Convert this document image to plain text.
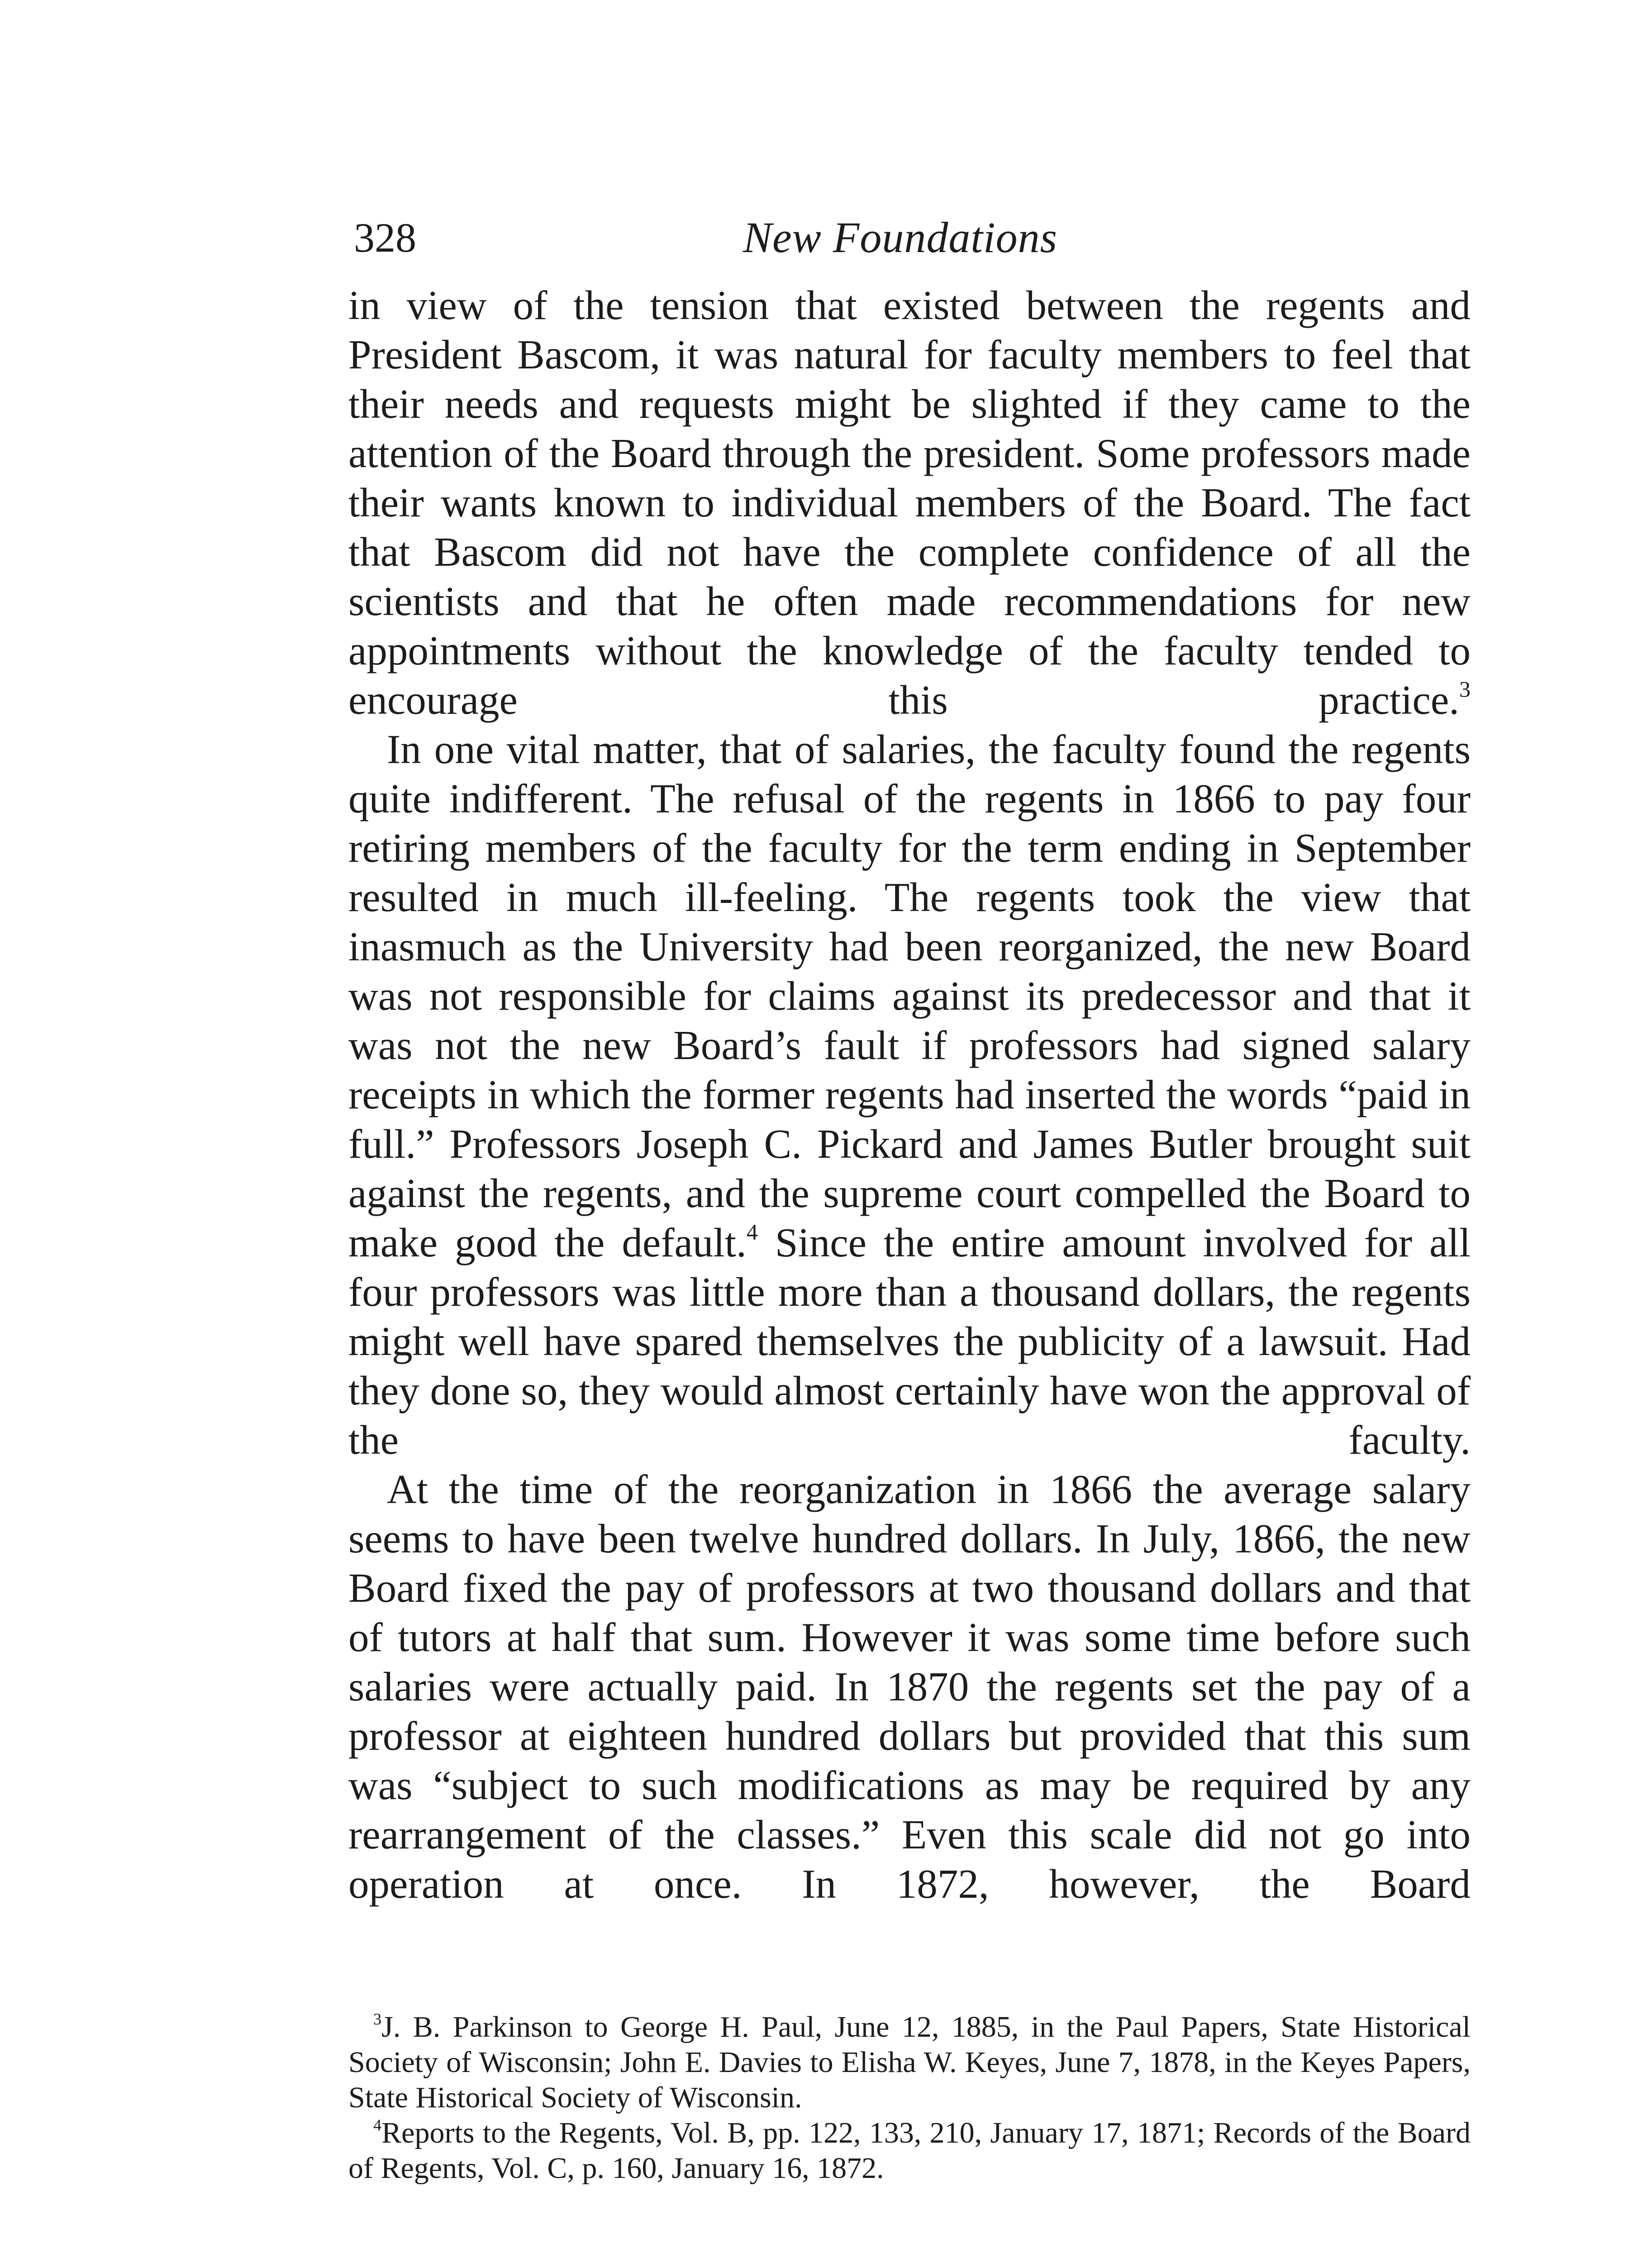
328	New Foundations

in view of the tension that existed between the regents and President Bascom, it was natural for faculty members to feel that their needs and requests might be slighted if they came to the attention of the Board through the president. Some professors made their wants known to individual members of the Board. The fact that Bascom did not have the complete confidence of all the scientists and that he often made recommendations for new appointments without the knowledge of the faculty tended to encourage this practice.$^3$

In one vital matter, that of salaries, the faculty found the regents quite indifferent. The refusal of the regents in 1866 to pay four retiring members of the faculty for the term ending in September resulted in much ill-feeling. The regents took the view that inasmuch as the University had been reorganized, the new Board was not responsible for claims against its predecessor and that it was not the new Board’s fault if professors had signed salary receipts in which the former regents had inserted the words “paid in full.” Professors Joseph C. Pickard and James Butler brought suit against the regents, and the supreme court compelled the Board to make good the default.$^4$ Since the entire amount involved for all four professors was little more than a thousand dollars, the regents might well have spared themselves the publicity of a lawsuit. Had they done so, they would almost certainly have won the approval of the faculty.

At the time of the reorganization in 1866 the average salary seems to have been twelve hundred dollars. In July, 1866, the new Board fixed the pay of professors at two thousand dollars and that of tutors at half that sum. However it was some time before such salaries were actually paid. In 1870 the regents set the pay of a professor at eighteen hundred dollars but provided that this sum was “subject to such modifications as may be required by any rearrangement of the classes.” Even this scale did not go into operation at once. In 1872, however, the Board

$^3$J. B. Parkinson to George H. Paul, June 12, 1885, in the Paul Papers, State Historical Society of Wisconsin; John E. Davies to Elisha W. Keyes, June 7, 1878, in the Keyes Papers, State Historical Society of Wisconsin.

$^4$Reports to the Regents, Vol. B, pp. 122, 133, 210, January 17, 1871; Records of the Board of Regents, Vol. C, p. 160, January 16, 1872.
